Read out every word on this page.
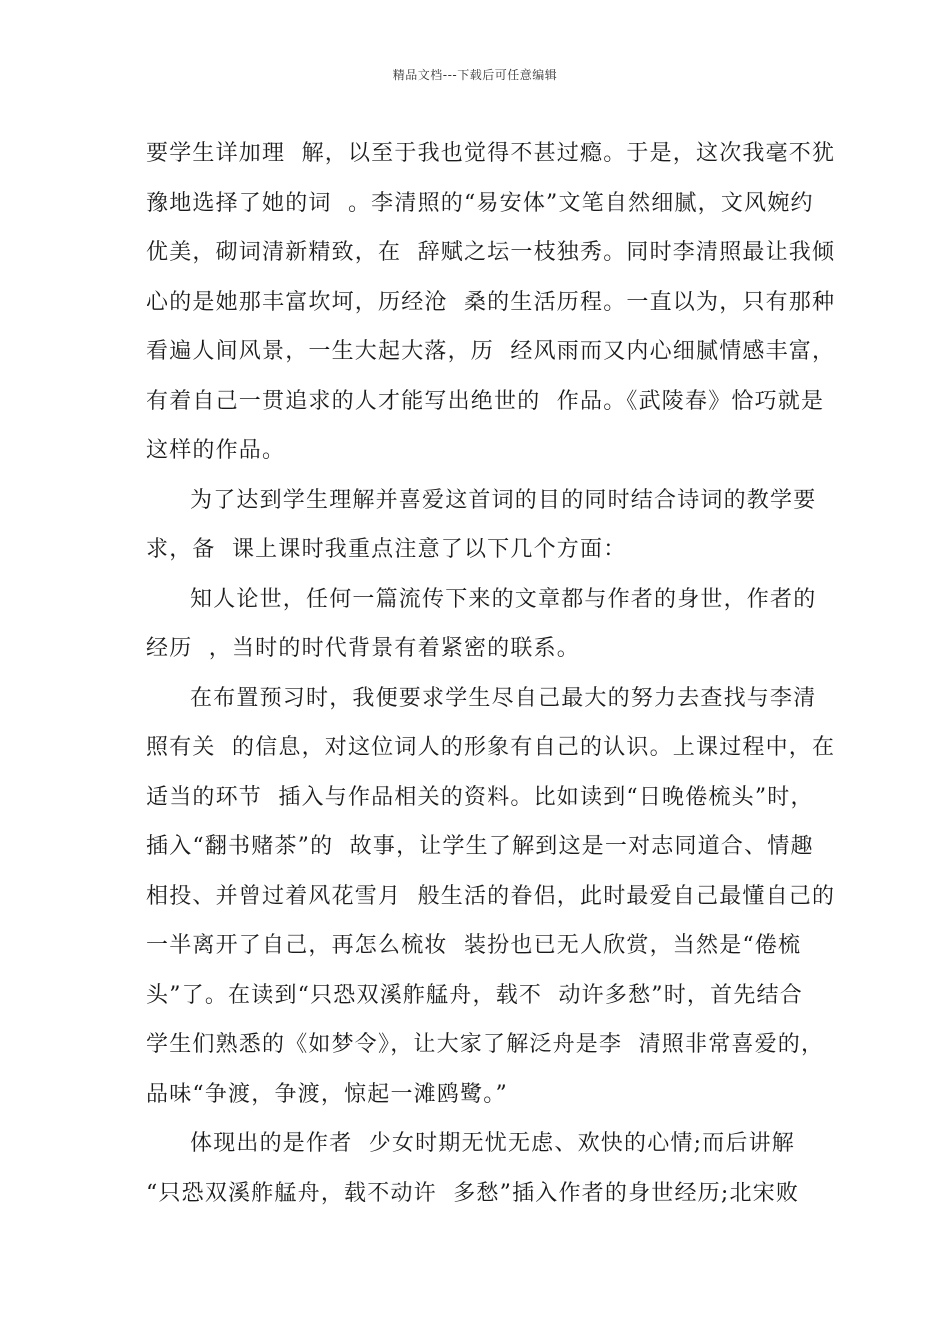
精品文档---下载后可任意编辑
要学生详加理  解，以至于我也觉得不甚过瘾。于是，这次我毫不犹
豫地选择了她的词  。李清照的“易安体”文笔自然细腻，文风婉约
优美，砌词清新精致，在  辞赋之坛一枝独秀。同时李清照最让我倾
心的是她那丰富坎坷，历经沧  桑的生活历程。一直以为，只有那种
看遍人间风景，一生大起大落，历  经风雨而又内心细腻情感丰富，
有着自己一贯追求的人才能写出绝世的  作品。《武陵春》恰巧就是
这样的作品。
为了达到学生理解并喜爱这首词的目的同时结合诗词的教学要
求，备  课上课时我重点注意了以下几个方面：
知人论世，任何一篇流传下来的文章都与作者的身世，作者的
经历  ，当时的时代背景有着紧密的联系。
在布置预习时，我便要求学生尽自己最大的努力去查找与李清
照有关  的信息，对这位词人的形象有自己的认识。上课过程中，在
适当的环节  插入与作品相关的资料。比如读到“日晚倦梳头”时，
插入“翻书赌茶”的  故事，让学生了解到这是一对志同道合、情趣
相投、并曾过着风花雪月  般生活的眷侣，此时最爱自己最懂自己的
一半离开了自己，再怎么梳妆  装扮也已无人欣赏，当然是“倦梳
头”了。在读到“只恐双溪舴艋舟，载不  动许多愁”时，首先结合
学生们熟悉的《如梦令》，让大家了解泛舟是李  清照非常喜爱的，
品味“争渡，争渡，惊起一滩鸥鹭。”
体现出的是作者  少女时期无忧无虑、欢快的心情;而后讲解
“只恐双溪舴艋舟，载不动许  多愁”插入作者的身世经历;北宋败
